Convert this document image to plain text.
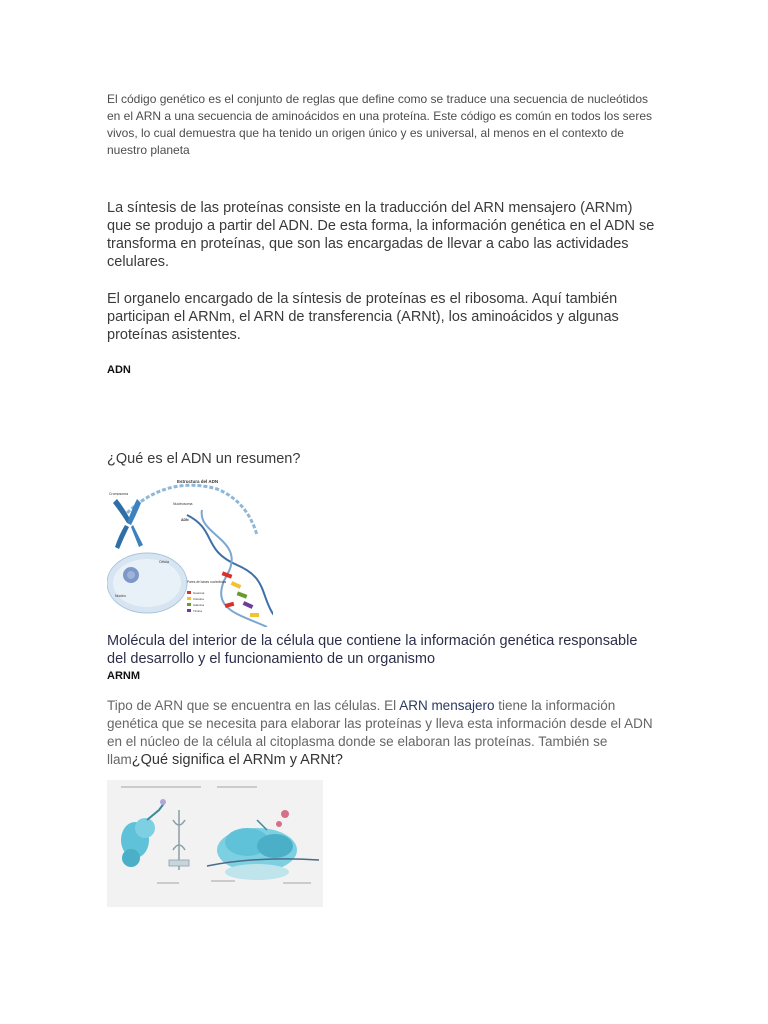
El código genético es el conjunto de reglas que define como se traduce una secuencia de nucleótidos en el ARN a una secuencia de aminoácidos en una proteína. Este código es común en todos los seres vivos, lo cual demuestra que ha tenido un origen único y es universal, al menos en el contexto de nuestro planeta

La síntesis de las proteínas consiste en la traducción del ARN mensajero (ARNm) que se produjo a partir del ADN. De esta forma, la información genética en el ADN se transforma en proteínas, que son las encargadas de llevar a cabo las actividades celulares.

El organelo encargado de la síntesis de proteínas es el ribosoma. Aquí también participan el ARNm, el ARN de transferencia (ARNt), los aminoácidos y algunas proteínas asistentes.

ADN
¿Qué es el ADN un resumen?
Estructura del ADN
Cromosoma
Nucleosoma
ADN
Célula
Núcleo
Pares de bases nucleótidas
Guanina
Citosina
Adenina
Timina

Molécula del interior de la célula que contiene la información genética responsable del desarrollo y el funcionamiento de un organismo

ARNM

Tipo de ARN que se encuentra en las células. El ARN mensajero tiene la información genética que se necesita para elaborar las proteínas y lleva esta información desde el ADN en el núcleo de la célula al citoplasma donde se elaboran las proteínas. También se llam¿Qué significa el ARNm y ARNt?
